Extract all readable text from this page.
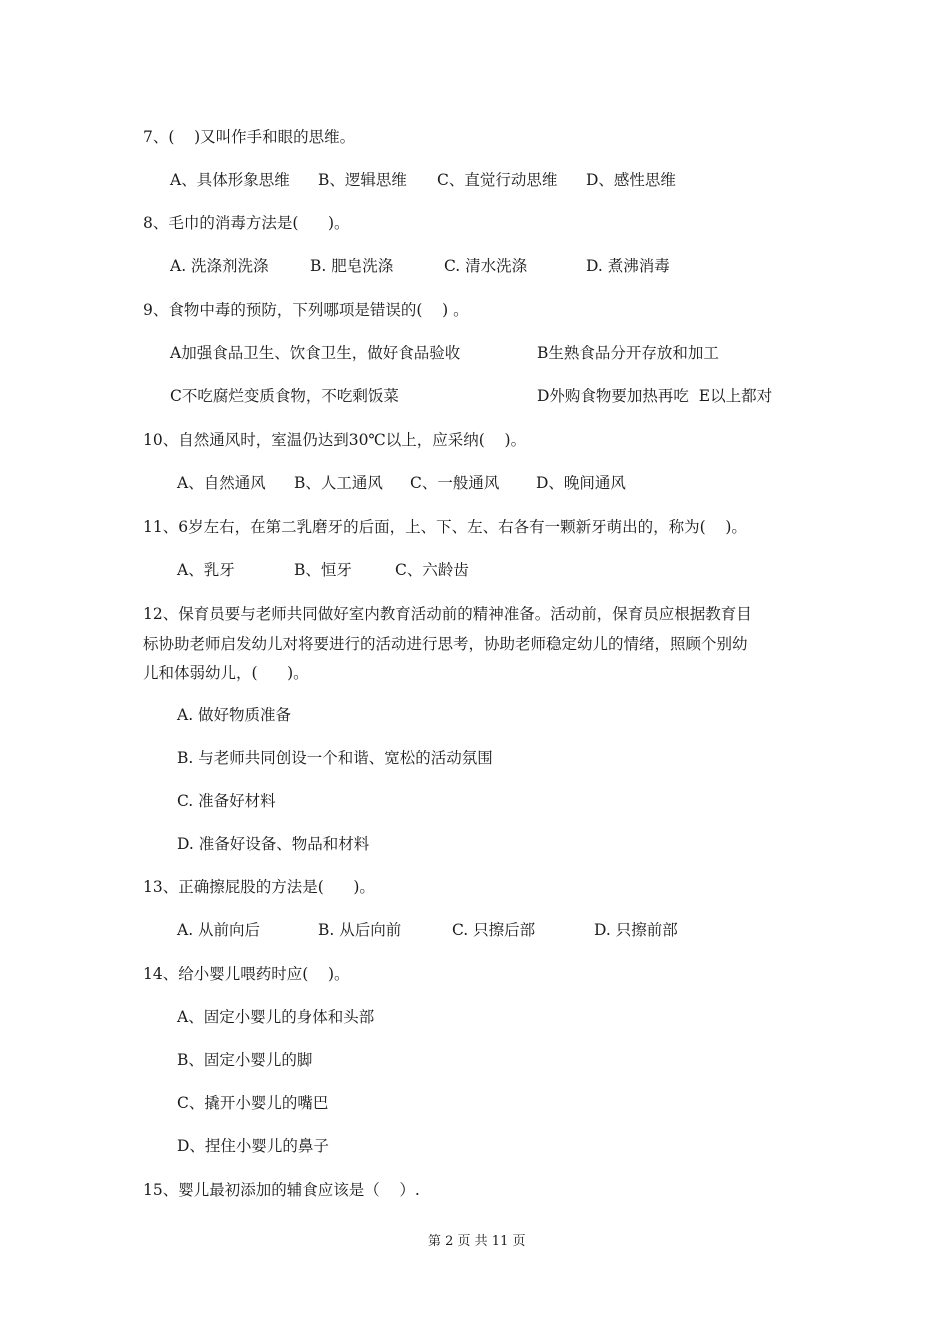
7、(    )又叫作手和眼的思维。
A、具体形象思维 B、逻辑思维 C、直觉行动思维 D、感性思维
8、毛巾的消毒方法是(      )。
A. 洗涤剂洗涤	B. 肥皂洗涤	C. 清水洗涤	D. 煮沸消毒
9、食物中毒的预防，下列哪项是错误的(    ) 。
A加强食品卫生、饮食卫生，做好食品验收	B生熟食品分开存放和加工
C不吃腐烂变质食物，不吃剩饭菜	D外购食物要加热再吃  E以上都对
10、自然通风时，室温仍达到30℃以上，应采纳(    )。
A、自然通风 B、人工通风 C、一般通风 D、晚间通风
11、6岁左右，在第二乳磨牙的后面，上、下、左、右各有一颗新牙萌出的，称为(    )。
A、乳牙	B、恒牙	C、六龄齿
12、保育员要与老师共同做好室内教育活动前的精神准备。活动前，保育员应根据教育目
标协助老师启发幼儿对将要进行的活动进行思考，协助老师稳定幼儿的情绪，照顾个别幼
儿和体弱幼儿，(      )。
A. 做好物质准备
B. 与老师共同创设一个和谐、宽松的活动氛围
C. 准备好材料
D. 准备好设备、物品和材料
13、正确擦屁股的方法是(      )。
A. 从前向后	B. 从后向前	C. 只擦后部	D. 只擦前部
14、给小婴儿喂药时应(    )。
A、固定小婴儿的身体和头部
B、固定小婴儿的脚
C、撬开小婴儿的嘴巴
D、捏住小婴儿的鼻子
15、婴儿最初添加的辅食应该是（    ）.
第 2 页 共 11 页
